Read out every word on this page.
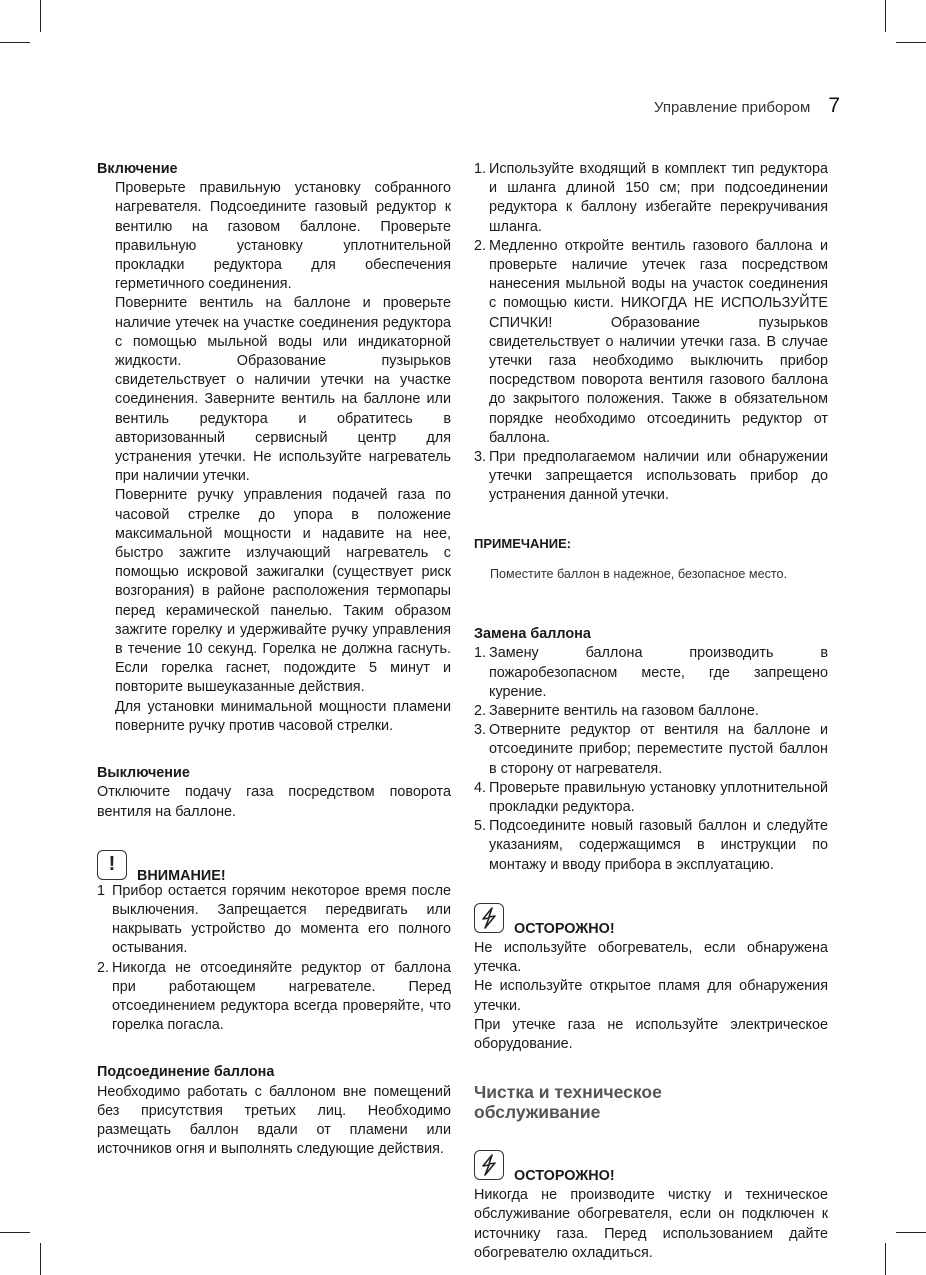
Управление прибором 7

Включение

Проверьте правильную установку собранного нагревателя. Подсоедините газовый редуктор к вентилю на газовом баллоне. Проверьте правильную установку уплотнительной прокладки редуктора для обеспечения герметичного соединения.

Поверните вентиль на баллоне и проверьте наличие утечек на участке соединения редуктора с помощью мыльной воды или индикаторной жидкости. Образование пузырьков свидетельствует о наличии утечки на участке соединения. Заверните вентиль на баллоне или вентиль редуктора и обратитесь в авторизованный сервисный центр для устранения утечки. Не используйте нагреватель при наличии утечки.

Поверните ручку управления подачей газа по часовой стрелке до упора в положение максимальной мощности и надавите на нее, быстро зажгите излучающий нагреватель с помощью искровой зажигалки (существует риск возгорания) в районе расположения термопары перед керамической панелью. Таким образом зажгите горелку и удерживайте ручку управления в течение 10 секунд. Горелка не должна гаснуть. Если горелка гаснет, подождите 5 минут и повторите вышеуказанные действия.

Для установки минимальной мощности пламени поверните ручку против часовой стрелки.

Выключение

Отключите подачу газа посредством поворота вентиля на баллоне.

!
ВНИМАНИЕ!
1 Прибор остается горячим некоторое время после выключения. Запрещается передвигать или накрывать устройство до момента его полного остывания.
2. Никогда не отсоединяйте редуктор от баллона при работающем нагревателе. Перед отсоединением редуктора всегда проверяйте, что горелка погасла.

Подсоединение баллона

Необходимо работать с баллоном вне помещений без присутствия третьих лиц. Необходимо размещать баллон вдали от пламени или источников огня и выполнять следующие действия.

1. Используйте входящий в комплект тип редуктора и шланга длиной 150 см; при подсоединении редуктора к баллону избегайте перекручивания шланга.
2. Медленно откройте вентиль газового баллона и проверьте наличие утечек газа посредством нанесения мыльной воды на участок соединения с помощью кисти. НИКОГДА НЕ ИСПОЛЬЗУЙТЕ СПИЧКИ! Образование пузырьков свидетельствует о наличии утечки газа. В случае утечки газа необходимо выключить прибор посредством поворота вентиля газового баллона до закрытого положения. Также в обязательном порядке необходимо отсоединить редуктор от баллона.
3. При предполагаемом наличии или обнаружении утечки запрещается использовать прибор до устранения данной утечки.

ПРИМЕЧАНИЕ:

Поместите баллон в надежное, безопасное место.

Замена баллона

1. Замену баллона производить в пожаробезопасном месте, где запрещено курение.
2. Заверните вентиль на газовом баллоне.
3. Отверните редуктор от вентиля на баллоне и отсоедините прибор; переместите пустой баллон в сторону от нагревателя.
4. Проверьте правильную установку уплотнительной прокладки редуктора.
5. Подсоедините новый газовый баллон и следуйте указаниям, содержащимся в инструкции по монтажу и вводу прибора в эксплуатацию.
ОСТОРОЖНО!

Не используйте обогреватель, если обнаружена утечка.

Не используйте открытое пламя для обнаружения утечки.

При утечке газа не используйте электрическое оборудование.

Чистка и техническое

обслуживание

ОСТОРОЖНО!

Никогда не производите чистку и техническое обслуживание обогревателя, если он подключен к источнику газа. Перед использованием дайте обогревателю охладиться.
